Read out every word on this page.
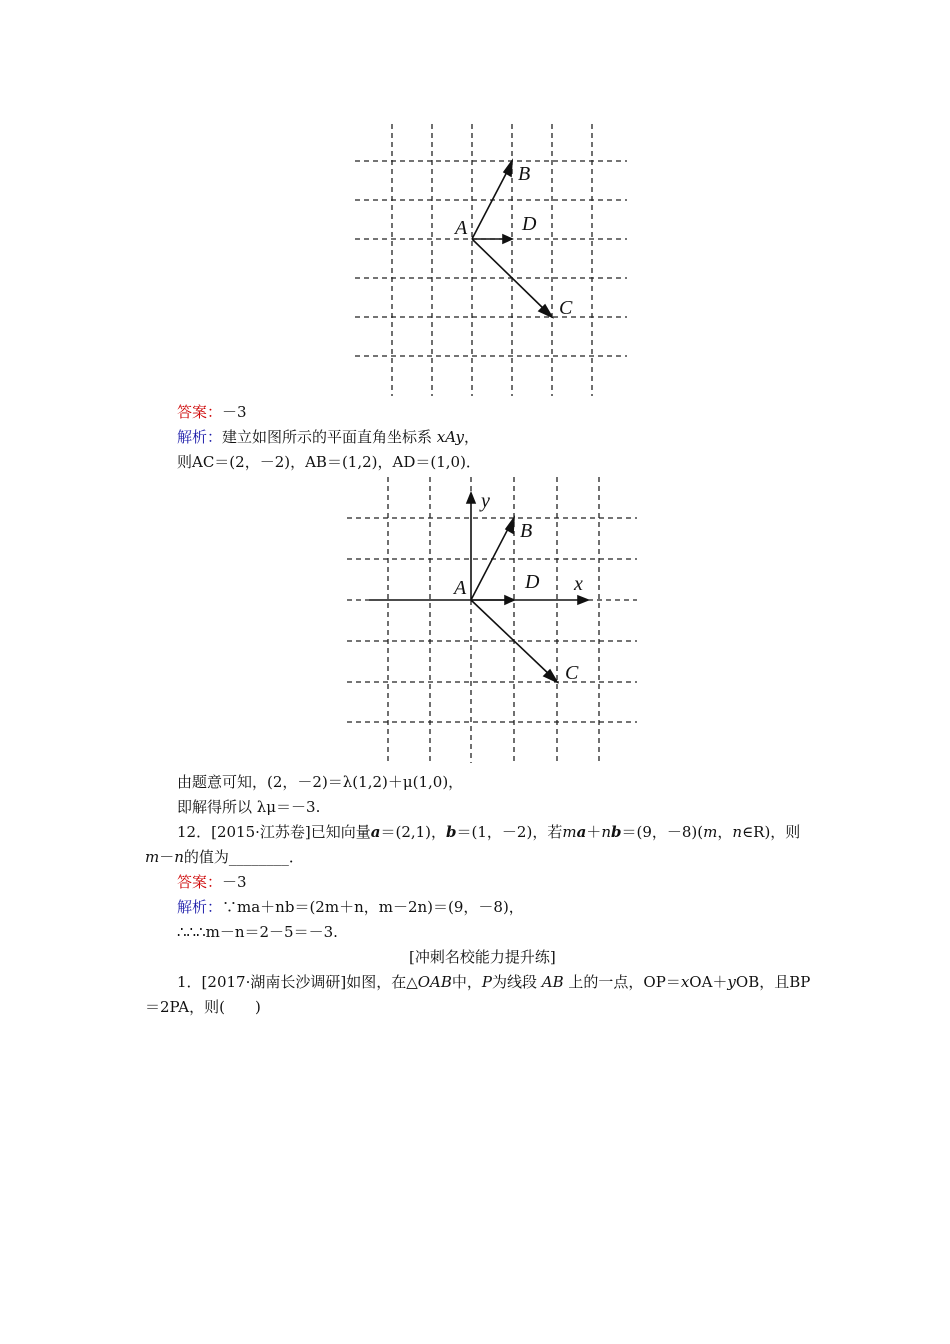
A
B
D
C
答案：－3
解析：建立如图所示的平面直角坐标系 xAy，
则AC＝(2，－2)，AB＝(1,2)，AD＝(1,0)．
A
B
D
C
x
y
由题意可知，(2，－2)＝λ(1,2)＋μ(1,0)，
即解得所以 λμ＝－3.
12．[2015·江苏卷]已知向量a＝(2,1)，b＝(1，－2)，若ma＋nb＝(9，－8)(m，n∈R)，则
m－n的值为________．
答案：－3
解析：∵ma＋nb＝(2m＋n，m－2n)＝(9，－8)，
∴∴∴m－n＝2－5＝－3.
[冲刺名校能力提升练]
1．[2017·湖南长沙调研]如图，在△OAB中，P为线段 AB 上的一点，OP＝xOA＋yOB，且BP
＝2PA，则(　　)
